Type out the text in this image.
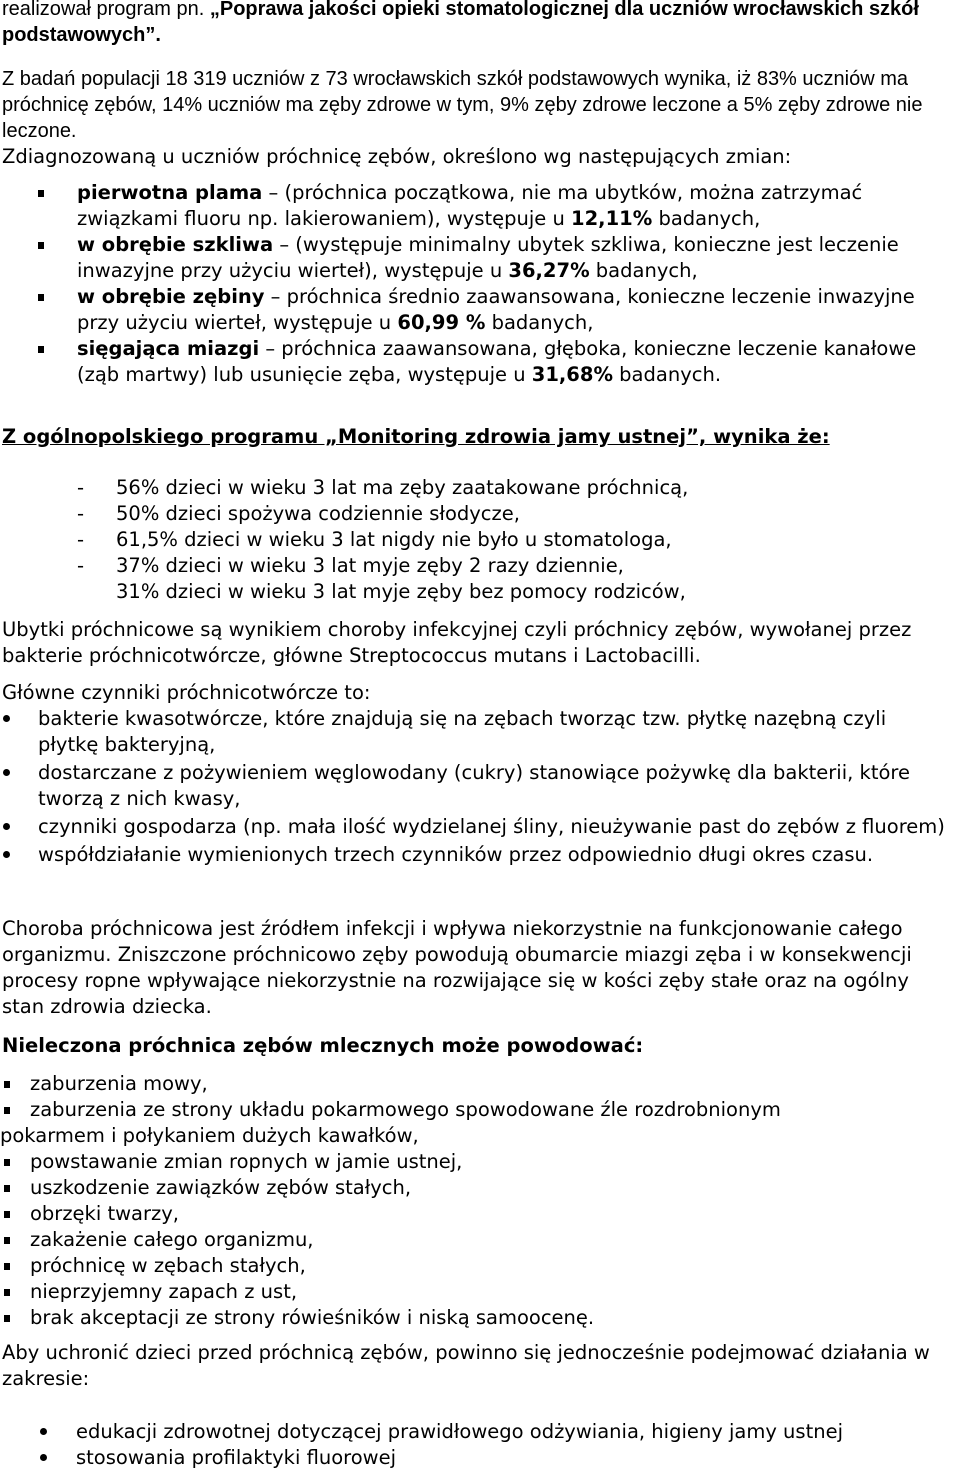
realizował program pn. „Poprawa jakości opieki stomatologicznej dla uczniów wrocławskich szkół podstawowych”.

Z badań populacji 18 319 uczniów z 73 wrocławskich szkół podstawowych wynika, iż 83% uczniów ma próchnicę zębów, 14% uczniów ma zęby zdrowe w tym, 9% zęby zdrowe leczone a 5% zęby zdrowe nie leczone.

Zdiagnozowaną u uczniów próchnicę zębów, określono wg następujących zmian:

pierwotna plama – (próchnica początkowa, nie ma ubytków, można zatrzymać związkami fluoru np. lakierowaniem), występuje u 12,11% badanych,
w obrębie szkliwa – (występuje minimalny ubytek szkliwa, konieczne jest leczenie inwazyjne przy użyciu wierteł), występuje u 36,27% badanych,
w obrębie zębiny – próchnica średnio zaawansowana, konieczne leczenie inwazyjne przy użyciu wierteł, występuje u 60,99 % badanych,
sięgająca miazgi – próchnica zaawansowana, głęboka, konieczne leczenie kanałowe (ząb martwy) lub usunięcie zęba, występuje u 31,68% badanych.

Z ogólnopolskiego programu „Monitoring zdrowia jamy ustnej”, wynika że:

- 56% dzieci w wieku 3 lat ma zęby zaatakowane próchnicą,
- 50% dzieci spożywa codziennie słodycze,
- 61,5% dzieci w wieku 3 lat nigdy nie było u stomatologa,
- 37% dzieci w wieku 3 lat myje zęby 2 razy dziennie,
31% dzieci w wieku 3 lat myje zęby bez pomocy rodziców,

Ubytki próchnicowe są wynikiem choroby infekcyjnej czyli próchnicy zębów, wywołanej przez bakterie próchnicotwórcze, główne Streptococcus mutans i Lactobacilli.

Główne czynniki próchnicotwórcze to:

bakterie kwasotwórcze, które znajdują się na zębach tworząc tzw. płytkę nazębną czyli płytkę bakteryjną,
dostarczane z pożywieniem węglowodany (cukry) stanowiące pożywkę dla bakterii, które tworzą z nich kwasy,
czynniki gospodarza (np. mała ilość wydzielanej śliny, nieużywanie past do zębów z fluorem)
współdziałanie wymienionych trzech czynników przez odpowiednio długi okres czasu.

Choroba próchnicowa jest źródłem infekcji i wpływa niekorzystnie na funkcjonowanie całego organizmu. Zniszczone próchnicowo zęby powodują obumarcie miazgi zęba i w konsekwencji procesy ropne wpływające niekorzystnie na rozwijające się w kości zęby stałe oraz na ogólny stan zdrowia dziecka.

Nieleczona próchnica zębów mlecznych może powodować:

zaburzenia mowy,
zaburzenia ze strony układu pokarmowego spowodowane źle rozdrobnionym
pokarmem i połykaniem dużych kawałków,
powstawanie zmian ropnych w jamie ustnej,
uszkodzenie zawiązków zębów stałych,
obrzęki twarzy,
zakażenie całego organizmu,
próchnicę w zębach stałych,
nieprzyjemny zapach z ust,
brak akceptacji ze strony rówieśników i niską samoocenę.

Aby uchronić dzieci przed próchnicą zębów, powinno się jednocześnie podejmować działania w zakresie:

edukacji zdrowotnej dotyczącej prawidłowego odżywiania, higieny jamy ustnej
stosowania profilaktyki fluorowej
